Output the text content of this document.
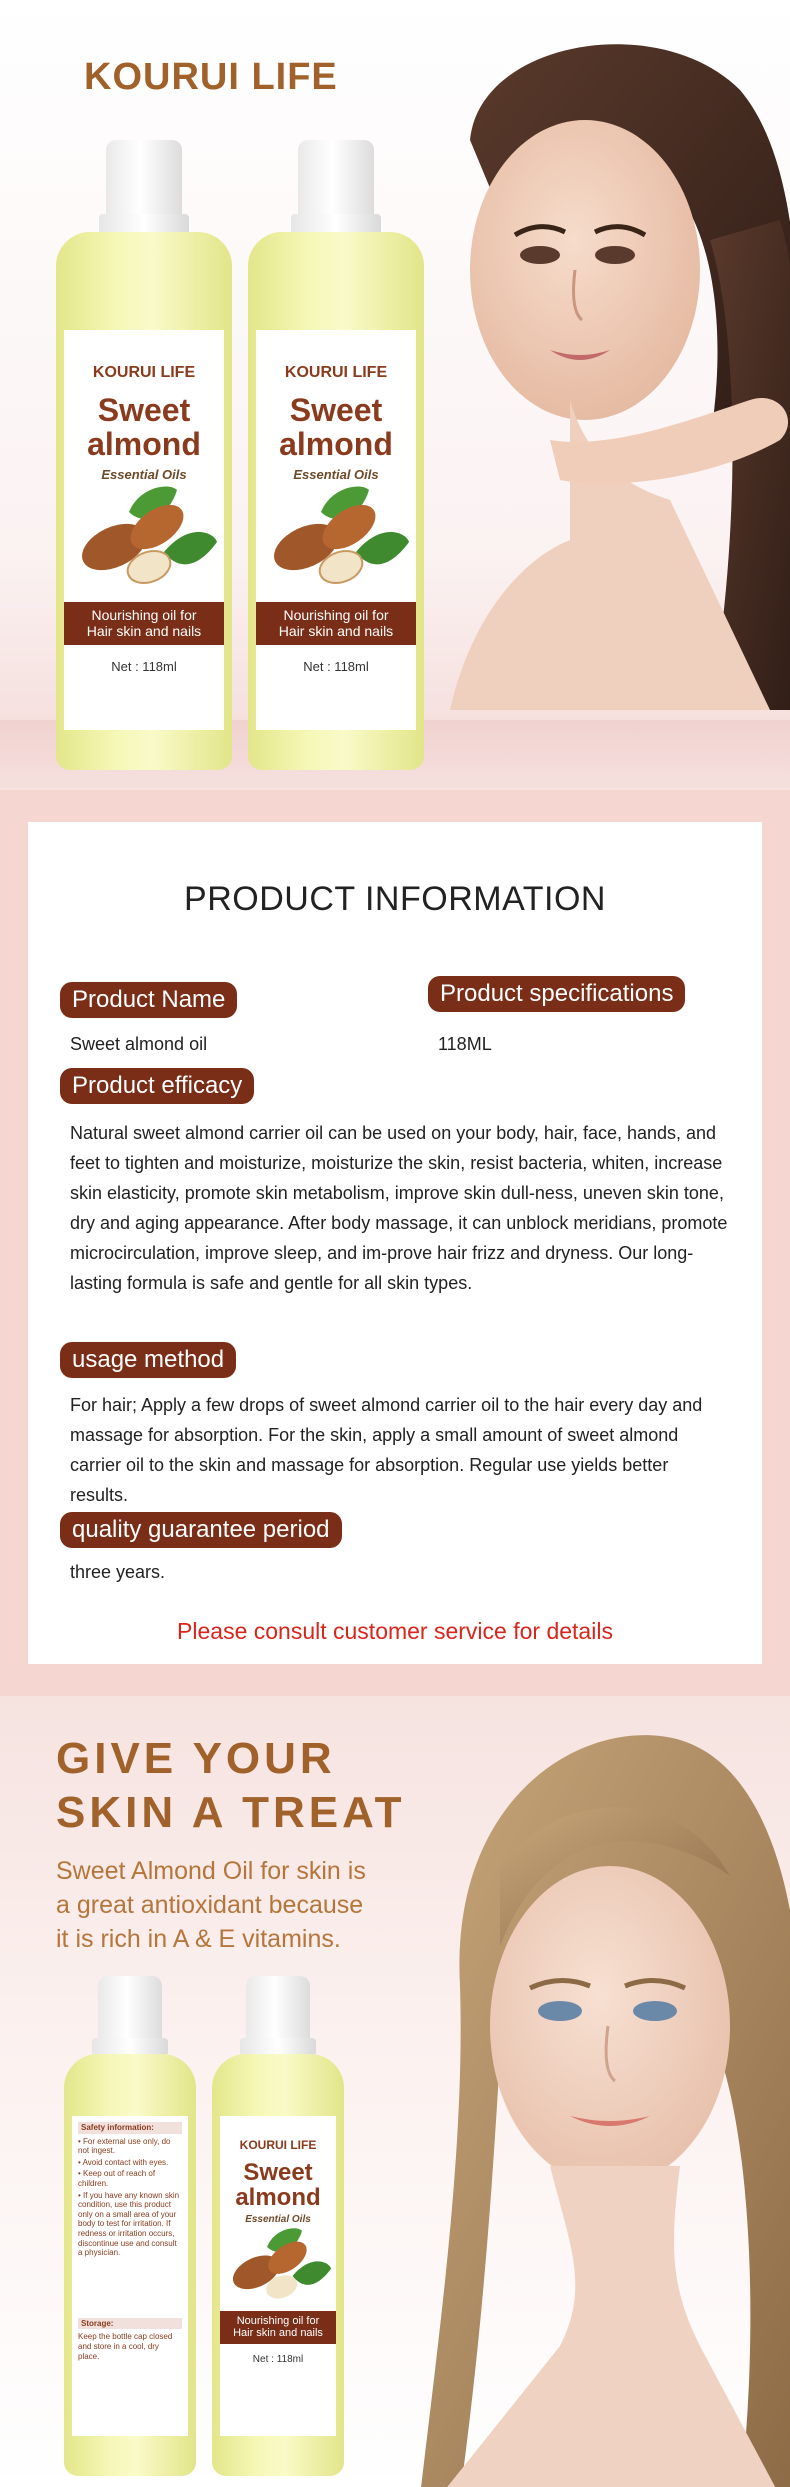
KOURUI LIFE
KOURUI LIFE
Sweet
almond
Essential Oils
Nourishing oil for
Hair skin and nails
Net : 118ml
KOURUI LIFE
Sweet
almond
Essential Oils
Nourishing oil for
Hair skin and nails
Net : 118ml
PRODUCT INFORMATION
Product Name
Sweet almond oil
Product specifications
118ML
Product efficacy
Natural sweet almond carrier oil can be used on your body, hair, face, hands, and feet to tighten and moisturize, moisturize the skin, resist bacteria, whiten, increase skin elasticity, promote skin metabolism, improve skin dull-ness, uneven skin tone, dry and aging appearance. After body massage, it can unblock meridians, promote microcirculation, improve sleep, and im-prove hair frizz and dryness. Our long-lasting formula is safe and gentle for all skin types.
usage method
For hair; Apply a few drops of sweet almond carrier oil to the hair every day and massage for absorption. For the skin, apply a small amount of sweet almond carrier oil to the skin and massage for absorption. Regular use yields better results.
quality guarantee period
three years.
Please consult customer service for details
GIVE YOUR
SKIN A TREAT
Sweet Almond Oil for skin is
a great antioxidant because
it is rich in A & E vitamins.
Safety information:
• For external use only, do not ingest.
• Avoid contact with eyes.
• Keep out of reach of children.
• If you have any known skin condition, use this product only on a small area of your body to test for irritation. If redness or irritation occurs, discontinue use and consult a physician.
Storage:
Keep the bottle cap closed and store in a cool, dry place.
KOURUI LIFE
Sweet
almond
Essential Oils
Nourishing oil for
Hair skin and nails
Net : 118ml
